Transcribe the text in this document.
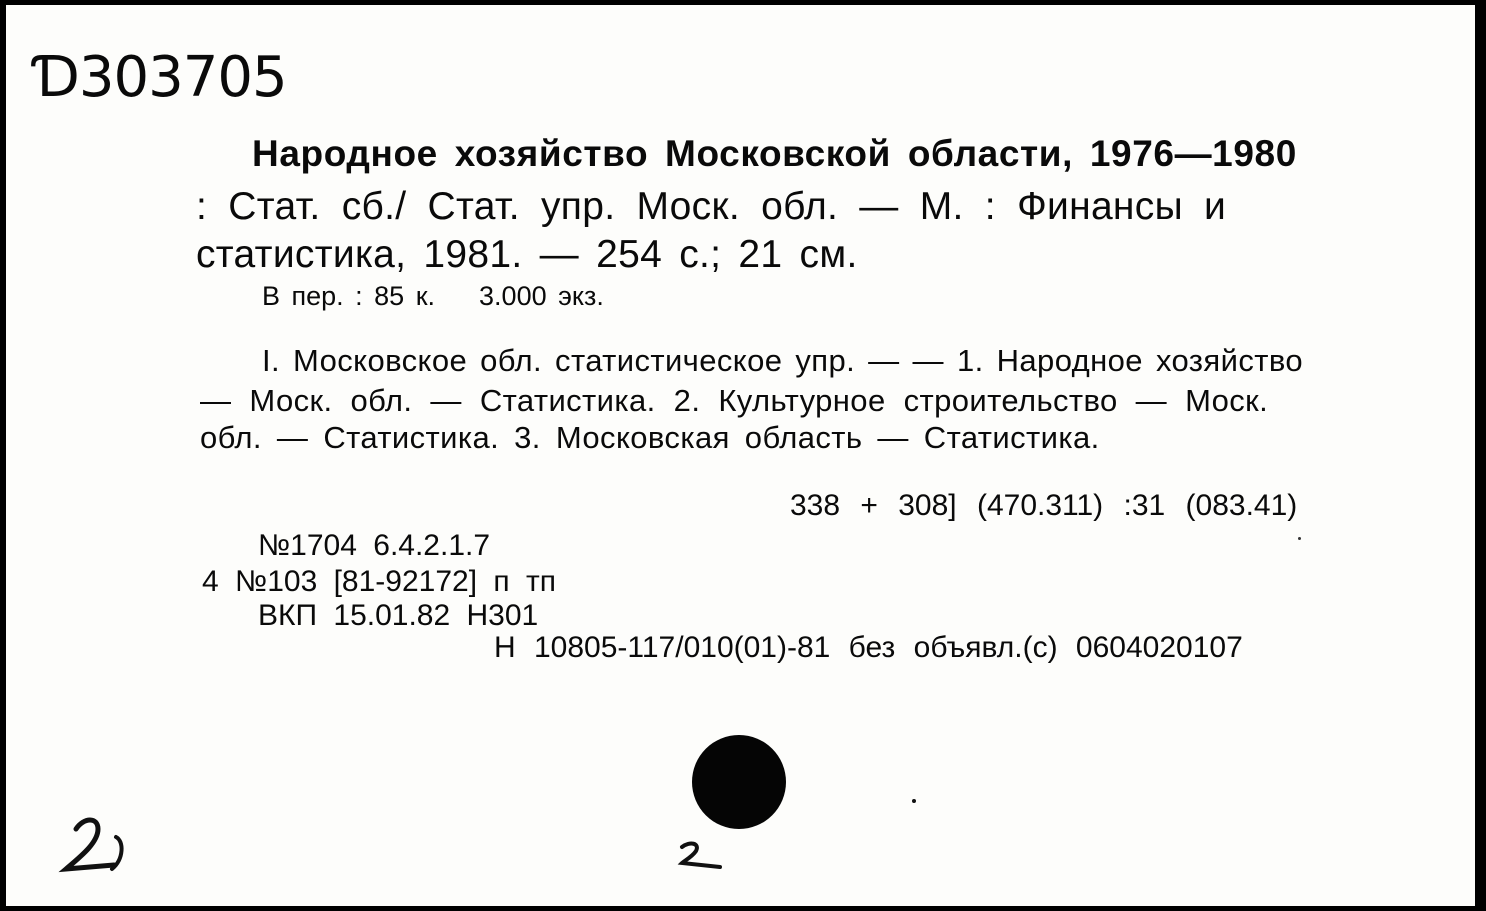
Ɗ303705
Народное хозяйство Московской области, 1976—1980
: Стат. сб./ Стат. упр. Моск. обл. — М. : Финансы и
статистика, 1981. — 254 с.; 21 см.
В пер. : 85 к. 3.000 экз.
I. Московское обл. статистическое упр. — — 1. Народное хозяйство
— Моск. обл. — Статистика. 2. Культурное строительство — Моск.
обл. — Статистика. 3. Московская область — Статистика.
338 + 308] (470.311) :31 (083.41)
№1704 6.4.2.1.7
4 №103 [81-92172] п тп
ВКП 15.01.82 Н301
Н 10805-117/010(01)-81 без объявл.(с) 0604020107
